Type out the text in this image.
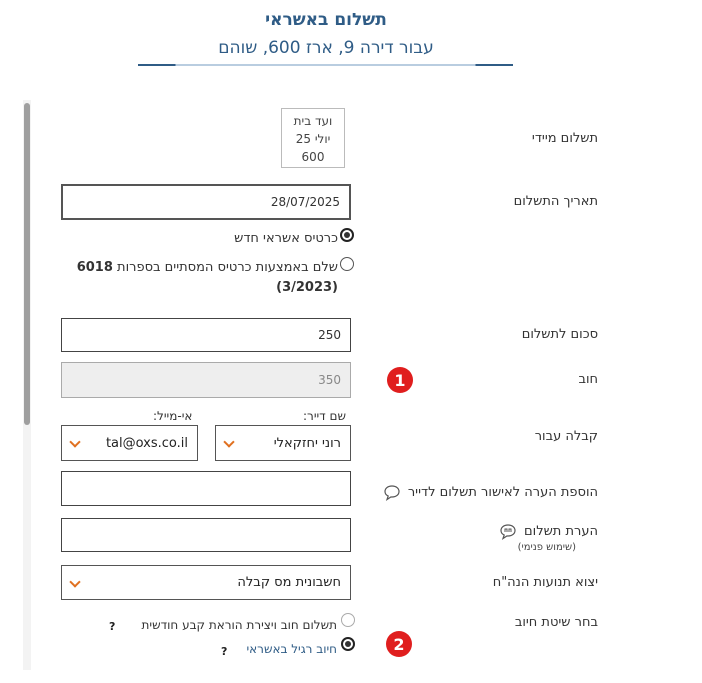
תשלום באשראי
עבור דירה 9, ארז 600, שוהם
תשלום מיידי
ועד בית
יולי 25
600
תאריך התשלום
28/07/2025
כרטיס אשראי חדש
שלם באמצעות כרטיס המסתיים בספרות 6018
(3/2023)
סכום לתשלום
250
חוב
350	1
שם דייר:
אי-מייל:
קבלה עבור
רוני יחזקאלי
tal@oxs.co.il
הוספת הערה לאישור תשלום לדייר
הערת תשלום
(שימוש פנימי)
יצוא תנועות הנה"ח
חשבונית מס קבלה
בחר שיטת חיוב
תשלום חוב ויצירת הוראת קבע חודשית
?
חיוב רגיל באשראי
?	2
